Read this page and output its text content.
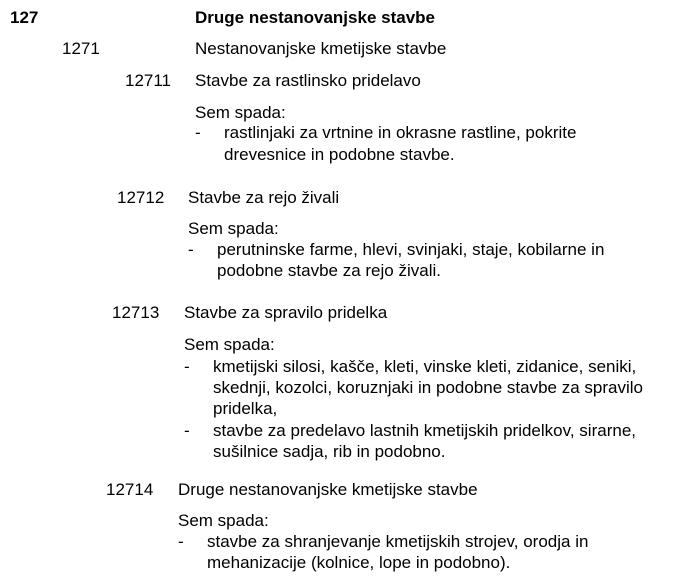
127	Druge nestanovanjske stavbe
1271	Nestanovanjske kmetijske stavbe
12711 Stavbe za rastlinsko pridelavo
Sem spada:
- rastlinjaki za vrtnine in okrasne rastline, pokrite
drevesnice in podobne stavbe.
12712 Stavbe za rejo živali
Sem spada:
- perutninske farme, hlevi, svinjaki, staje, kobilarne in
podobne stavbe za rejo živali.
12713 Stavbe za spravilo pridelka
Sem spada:
- kmetijski silosi, kašče, kleti, vinske kleti, zidanice, seniki,
skednji, kozolci, koruznjaki in podobne stavbe za spravilo
pridelka,
- stavbe za predelavo lastnih kmetijskih pridelkov, sirarne,
sušilnice sadja, rib in podobno.
12714 Druge nestanovanjske kmetijske stavbe
Sem spada:
- stavbe za shranjevanje kmetijskih strojev, orodja in
mehanizacije (kolnice, lope in podobno).
